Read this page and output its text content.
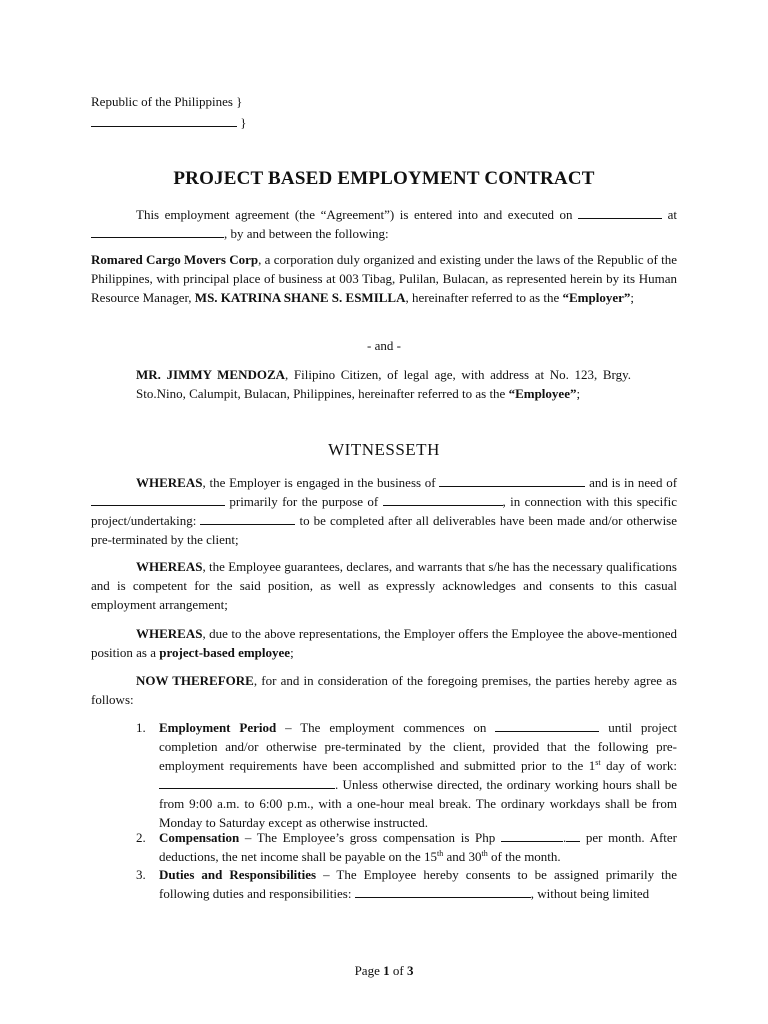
Republic of the Philippines }
}
PROJECT BASED EMPLOYMENT CONTRACT
This employment agreement (the “Agreement”) is entered into and executed on	at , by and between the following:
Romared Cargo Movers Corp, a corporation duly organized and existing under the laws of the Republic of the Philippines, with principal place of business at 003 Tibag, Pulilan, Bulacan, as represented herein by its Human Resource Manager, MS. KATRINA SHANE S. ESMILLA, hereinafter referred to as the “Employer”;
- and -
MR. JIMMY MENDOZA, Filipino Citizen, of legal age, with address at No. 123, Brgy. Sto.Nino, Calumpit, Bulacan, Philippines, hereinafter referred to as the “Employee”;
WITNESSETH
WHEREAS, the Employer is engaged in the business of	and is in need of  primarily for the purpose of	, in connection with this specific project/undertaking:	to be completed after all deliverables have been made and/or otherwise pre-terminated by the client;
WHEREAS, the Employee guarantees, declares, and warrants that s/he has the necessary qualifications and is competent for the said position, as well as expressly acknowledges and consents to this casual employment arrangement;
WHEREAS, due to the above representations, the Employer offers the Employee the above-mentioned position as a project-based employee;
NOW THEREFORE, for and in consideration of the foregoing premises, the parties hereby agree as follows:
1. Employment Period – The employment commences on	until project completion and/or otherwise pre-terminated by the client, provided that the following pre-employment requirements have been accomplished and submitted prior to the 1st day of work: . Unless otherwise directed, the ordinary working hours shall be from 9:00 a.m. to 6:00 p.m., with a one-hour meal break. The ordinary workdays shall be from Monday to Saturday except as otherwise instructed.
2. Compensation – The Employee’s gross compensation is Php	. per month. After deductions, the net income shall be payable on the 15th and 30th of the month.
3. Duties and Responsibilities – The Employee hereby consents to be assigned primarily the following duties and responsibilities:	, without being limited
Page 1 of 3
